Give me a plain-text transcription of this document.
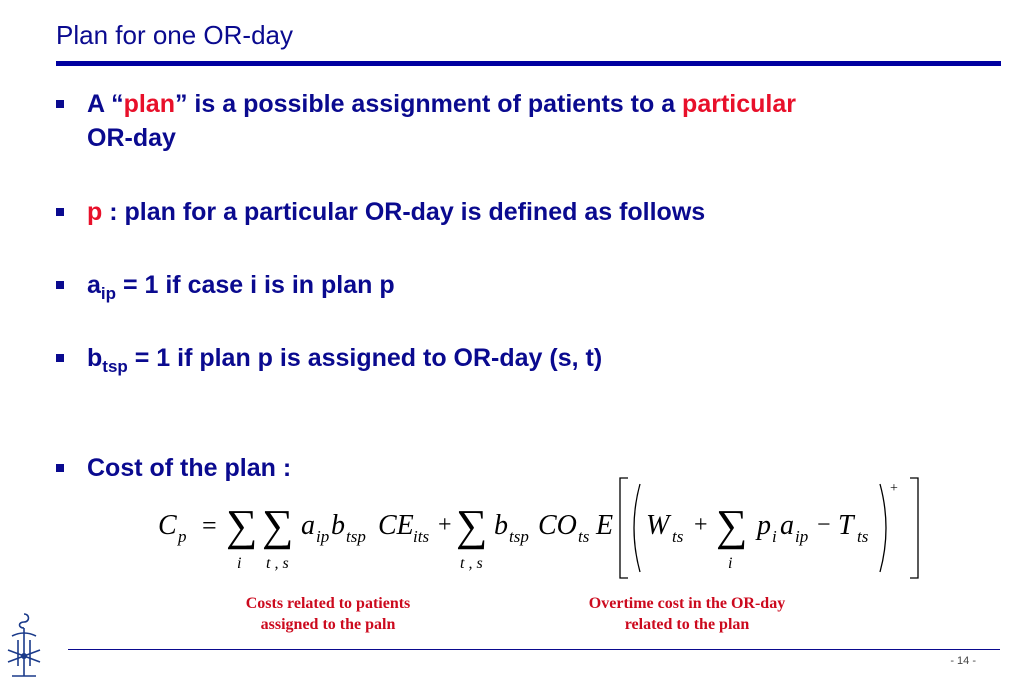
Plan for one OR-day
A “plan” is a possible assignment of patients to a particular
OR-day
p : plan for a particular OR-day is defined as follows
$a_{ip} = 1$ if case i is in plan p
$b_{tsp} = 1$ if plan p is assigned to OR-day (s, t)
Cost of the plan :
C p = ∑
i
∑
t , s
a ip b tsp CE its + ∑
t , s
b tsp CO ts E W ts + ∑
i
p i a ip − T ts
+
Costs related to patients
assigned to the paln
Overtime cost in the OR-day
related to the plan
- 14 -
